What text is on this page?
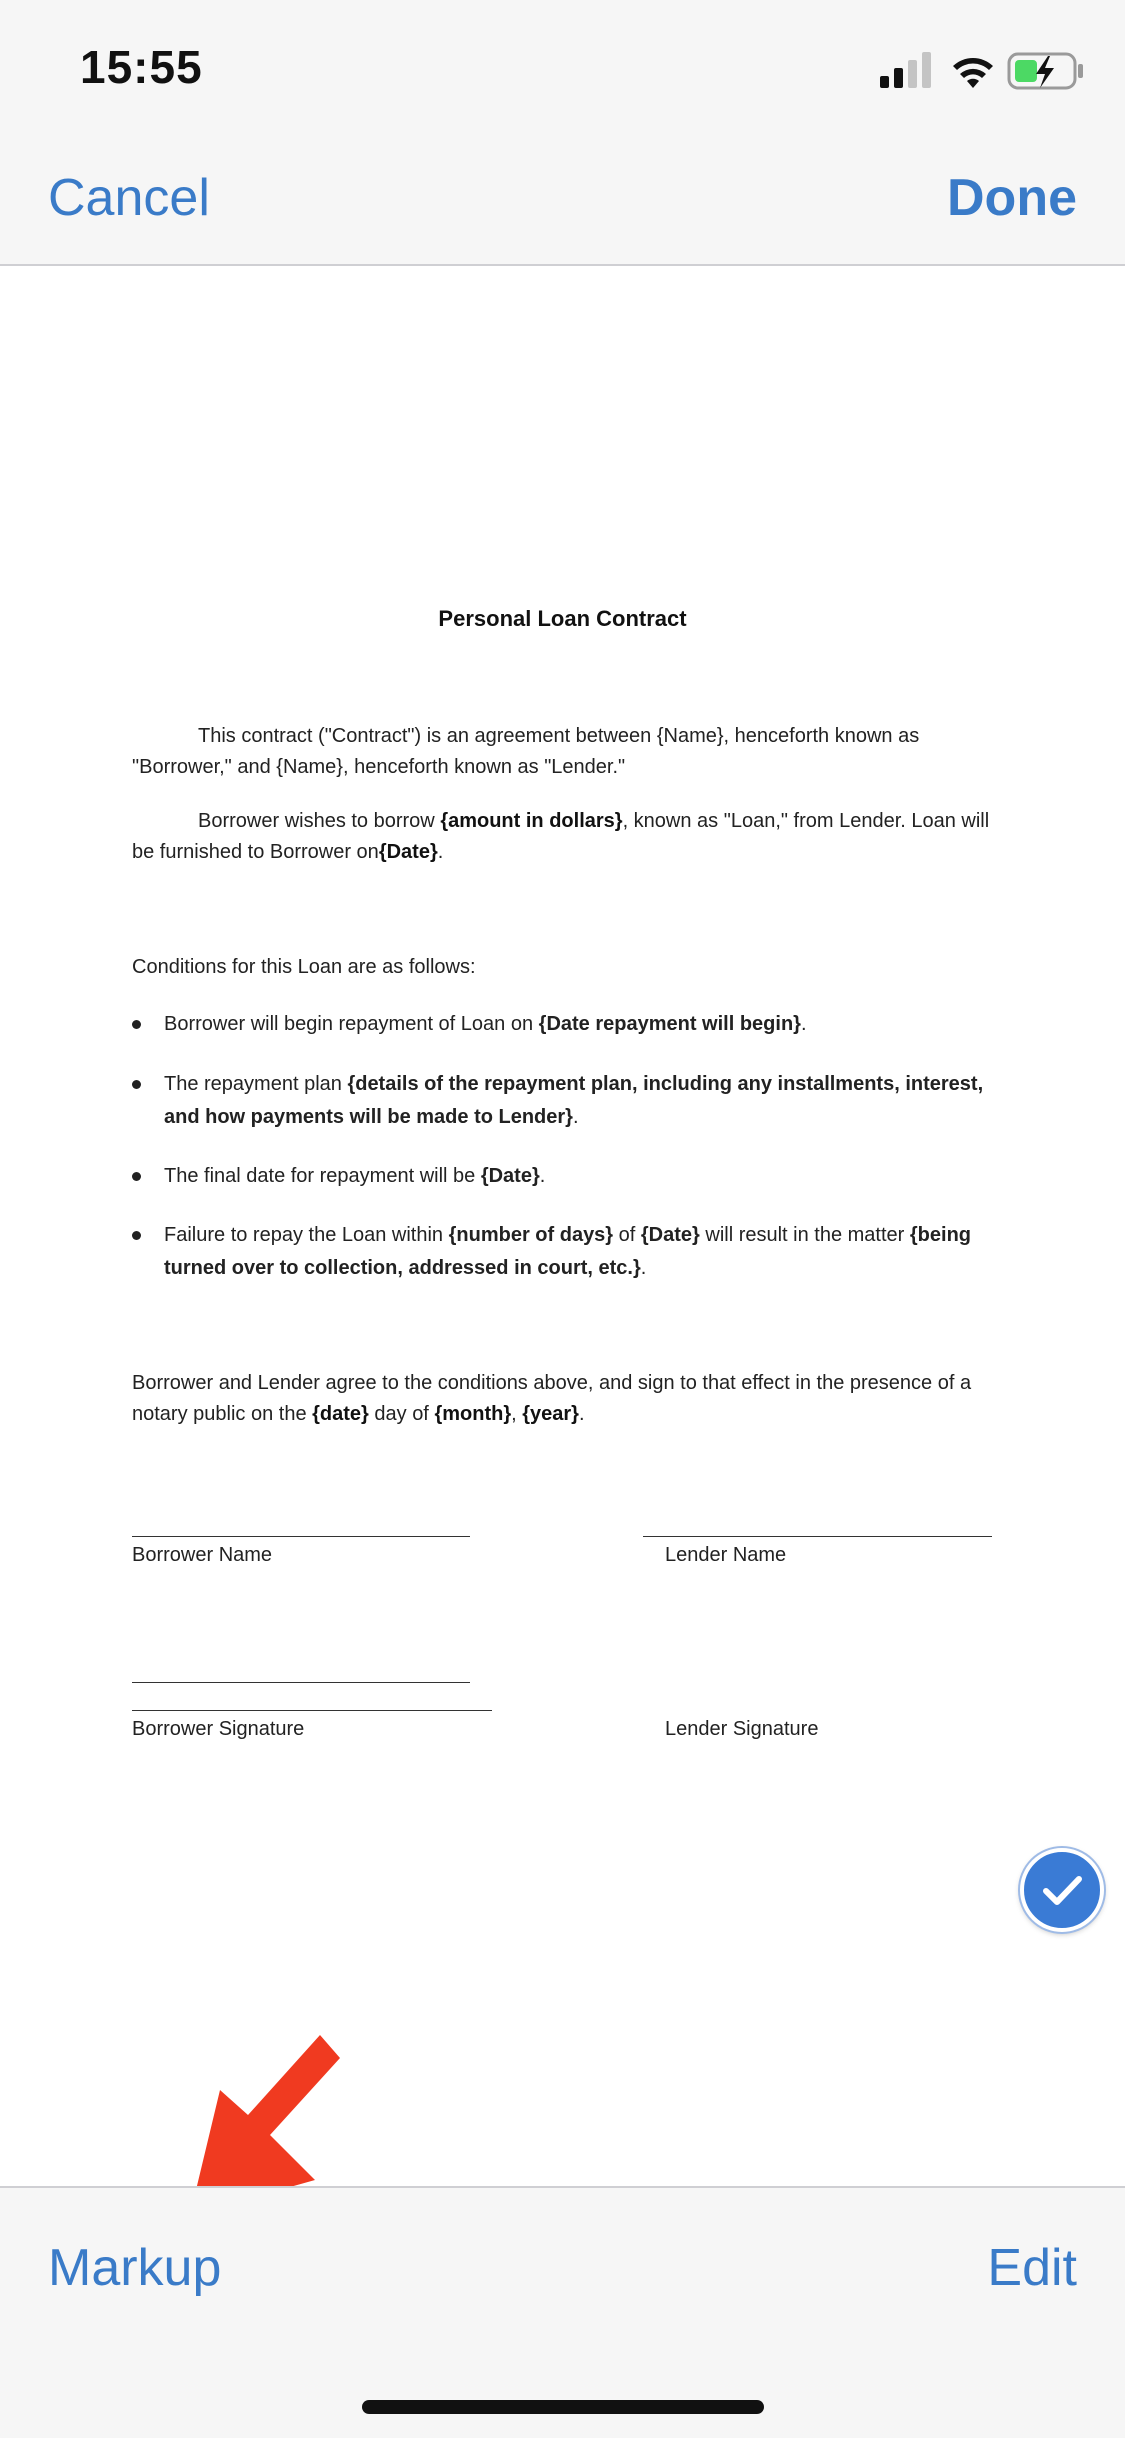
15:55
Cancel	Done
Personal Loan Contract
This contract ("Contract") is an agreement between {Name}, henceforth known as "Borrower," and {Name}, henceforth known as "Lender."
Borrower wishes to borrow {amount in dollars}, known as "Loan," from Lender. Loan will be furnished to Borrower on{Date}.
Conditions for this Loan are as follows:
Borrower will begin repayment of Loan on {Date repayment will begin}.
The repayment plan {details of the repayment plan, including any installments, interest, and how payments will be made to Lender}.
The final date for repayment will be {Date}.
Failure to repay the Loan within {number of days} of {Date} will result in the matter {being turned over to collection, addressed in court, etc.}.
Borrower and Lender agree to the conditions above, and sign to that effect in the presence of a notary public on the {date} day of {month}, {year}.
Borrower Name	Lender Name
Borrower Signature	Lender Signature
Markup	Edit
